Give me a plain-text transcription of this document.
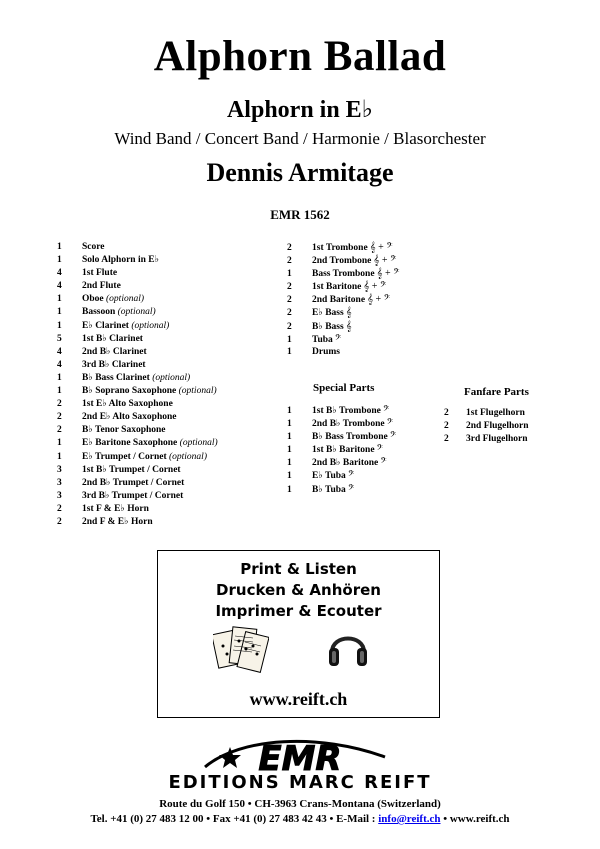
Alphorn Ballad
Alphorn in E♭
Wind Band / Concert Band / Harmonie / Blasorchester
Dennis Armitage
EMR 1562
1	Score
1	Solo Alphorn in E♭
4	1st Flute
4	2nd Flute
1	Oboe (optional)
1	Bassoon (optional)
1	E♭ Clarinet (optional)
5	1st B♭ Clarinet
4	2nd B♭ Clarinet
4	3rd B♭ Clarinet
1	B♭ Bass Clarinet (optional)
1	B♭ Soprano Saxophone (optional)
2	1st E♭ Alto Saxophone
2	2nd E♭ Alto Saxophone
2	B♭ Tenor Saxophone
1	E♭ Baritone Saxophone (optional)
1	E♭ Trumpet / Cornet (optional)
3	1st B♭ Trumpet / Cornet
3	2nd B♭ Trumpet / Cornet
3	3rd B♭ Trumpet / Cornet
2	1st F & E♭ Horn
2	2nd F & E♭ Horn
2	1st Trombone 𝄞 + 𝄢
2	2nd Trombone 𝄞 + 𝄢
1	Bass Trombone 𝄞 + 𝄢
2	1st Baritone 𝄞 + 𝄢
2	2nd Baritone 𝄞 + 𝄢
2	E♭ Bass 𝄞
2	B♭ Bass 𝄞
1	Tuba 𝄢
1	Drums
Special Parts
1	1st B♭ Trombone 𝄢
1	2nd B♭ Trombone 𝄢
1	B♭ Bass Trombone 𝄢
1	1st B♭ Baritone 𝄢
1	2nd B♭ Baritone 𝄢
1	E♭ Tuba 𝄢
1	B♭ Tuba 𝄢
Fanfare Parts
2	1st Flugelhorn
2	2nd Flugelhorn
2	3rd Flugelhorn
Print & Listen
Drucken & Anhören
Imprimer & Ecouter
www.reift.ch
EMR
EDITIONS MARC REIFT
Route du Golf 150 • CH-3963 Crans-Montana (Switzerland)
Tel. +41 (0) 27 483 12 00 • Fax +41 (0) 27 483 42 43 • E-Mail : info@reift.ch • www.reift.ch
